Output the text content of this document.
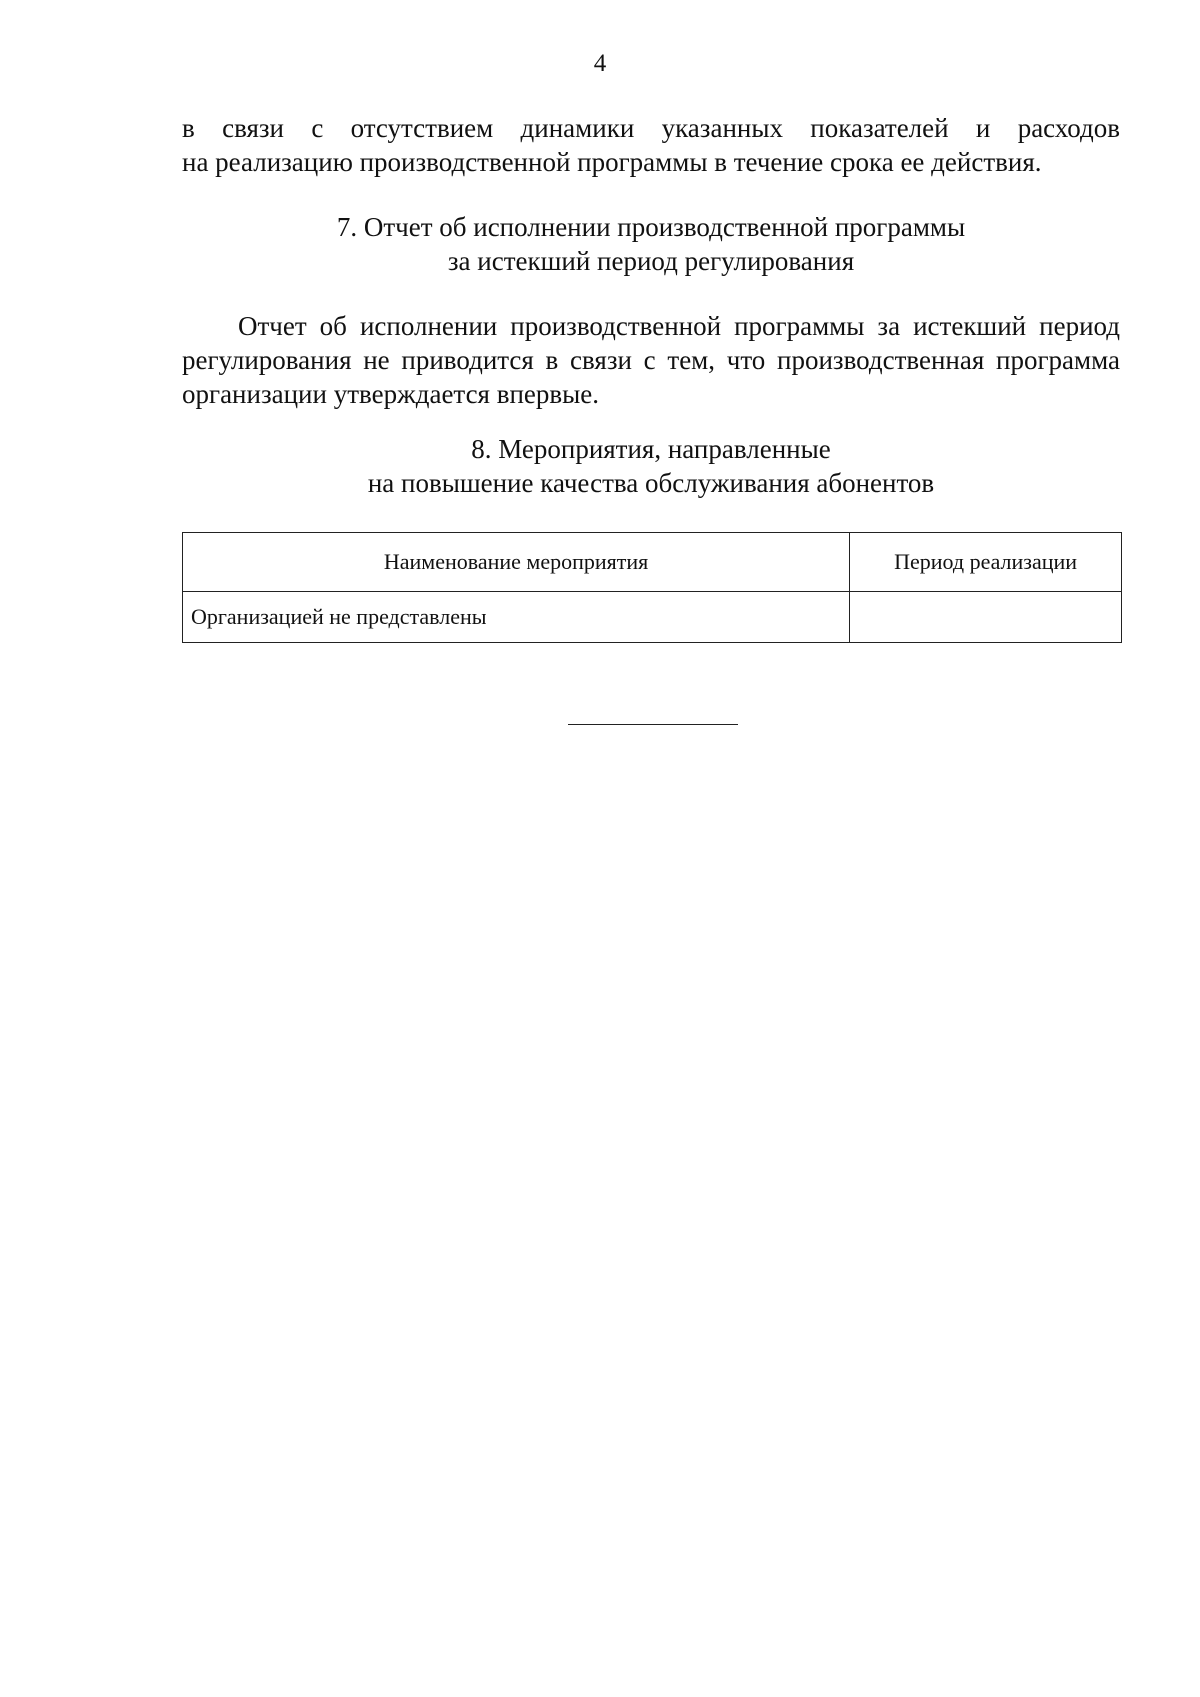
4
в связи с отсутствием динамики указанных показателей и расходов
на реализацию производственной программы в течение срока ее действия.
7. Отчет об исполнении производственной программы
за истекший период регулирования
Отчет об исполнении производственной программы за истекший период
регулирования не приводится в связи с тем, что производственная программа
организации утверждается впервые.
8. Мероприятия, направленные
на повышение качества обслуживания абонентов
Наименование мероприятия	Период реализации
Организацией не представлены	
